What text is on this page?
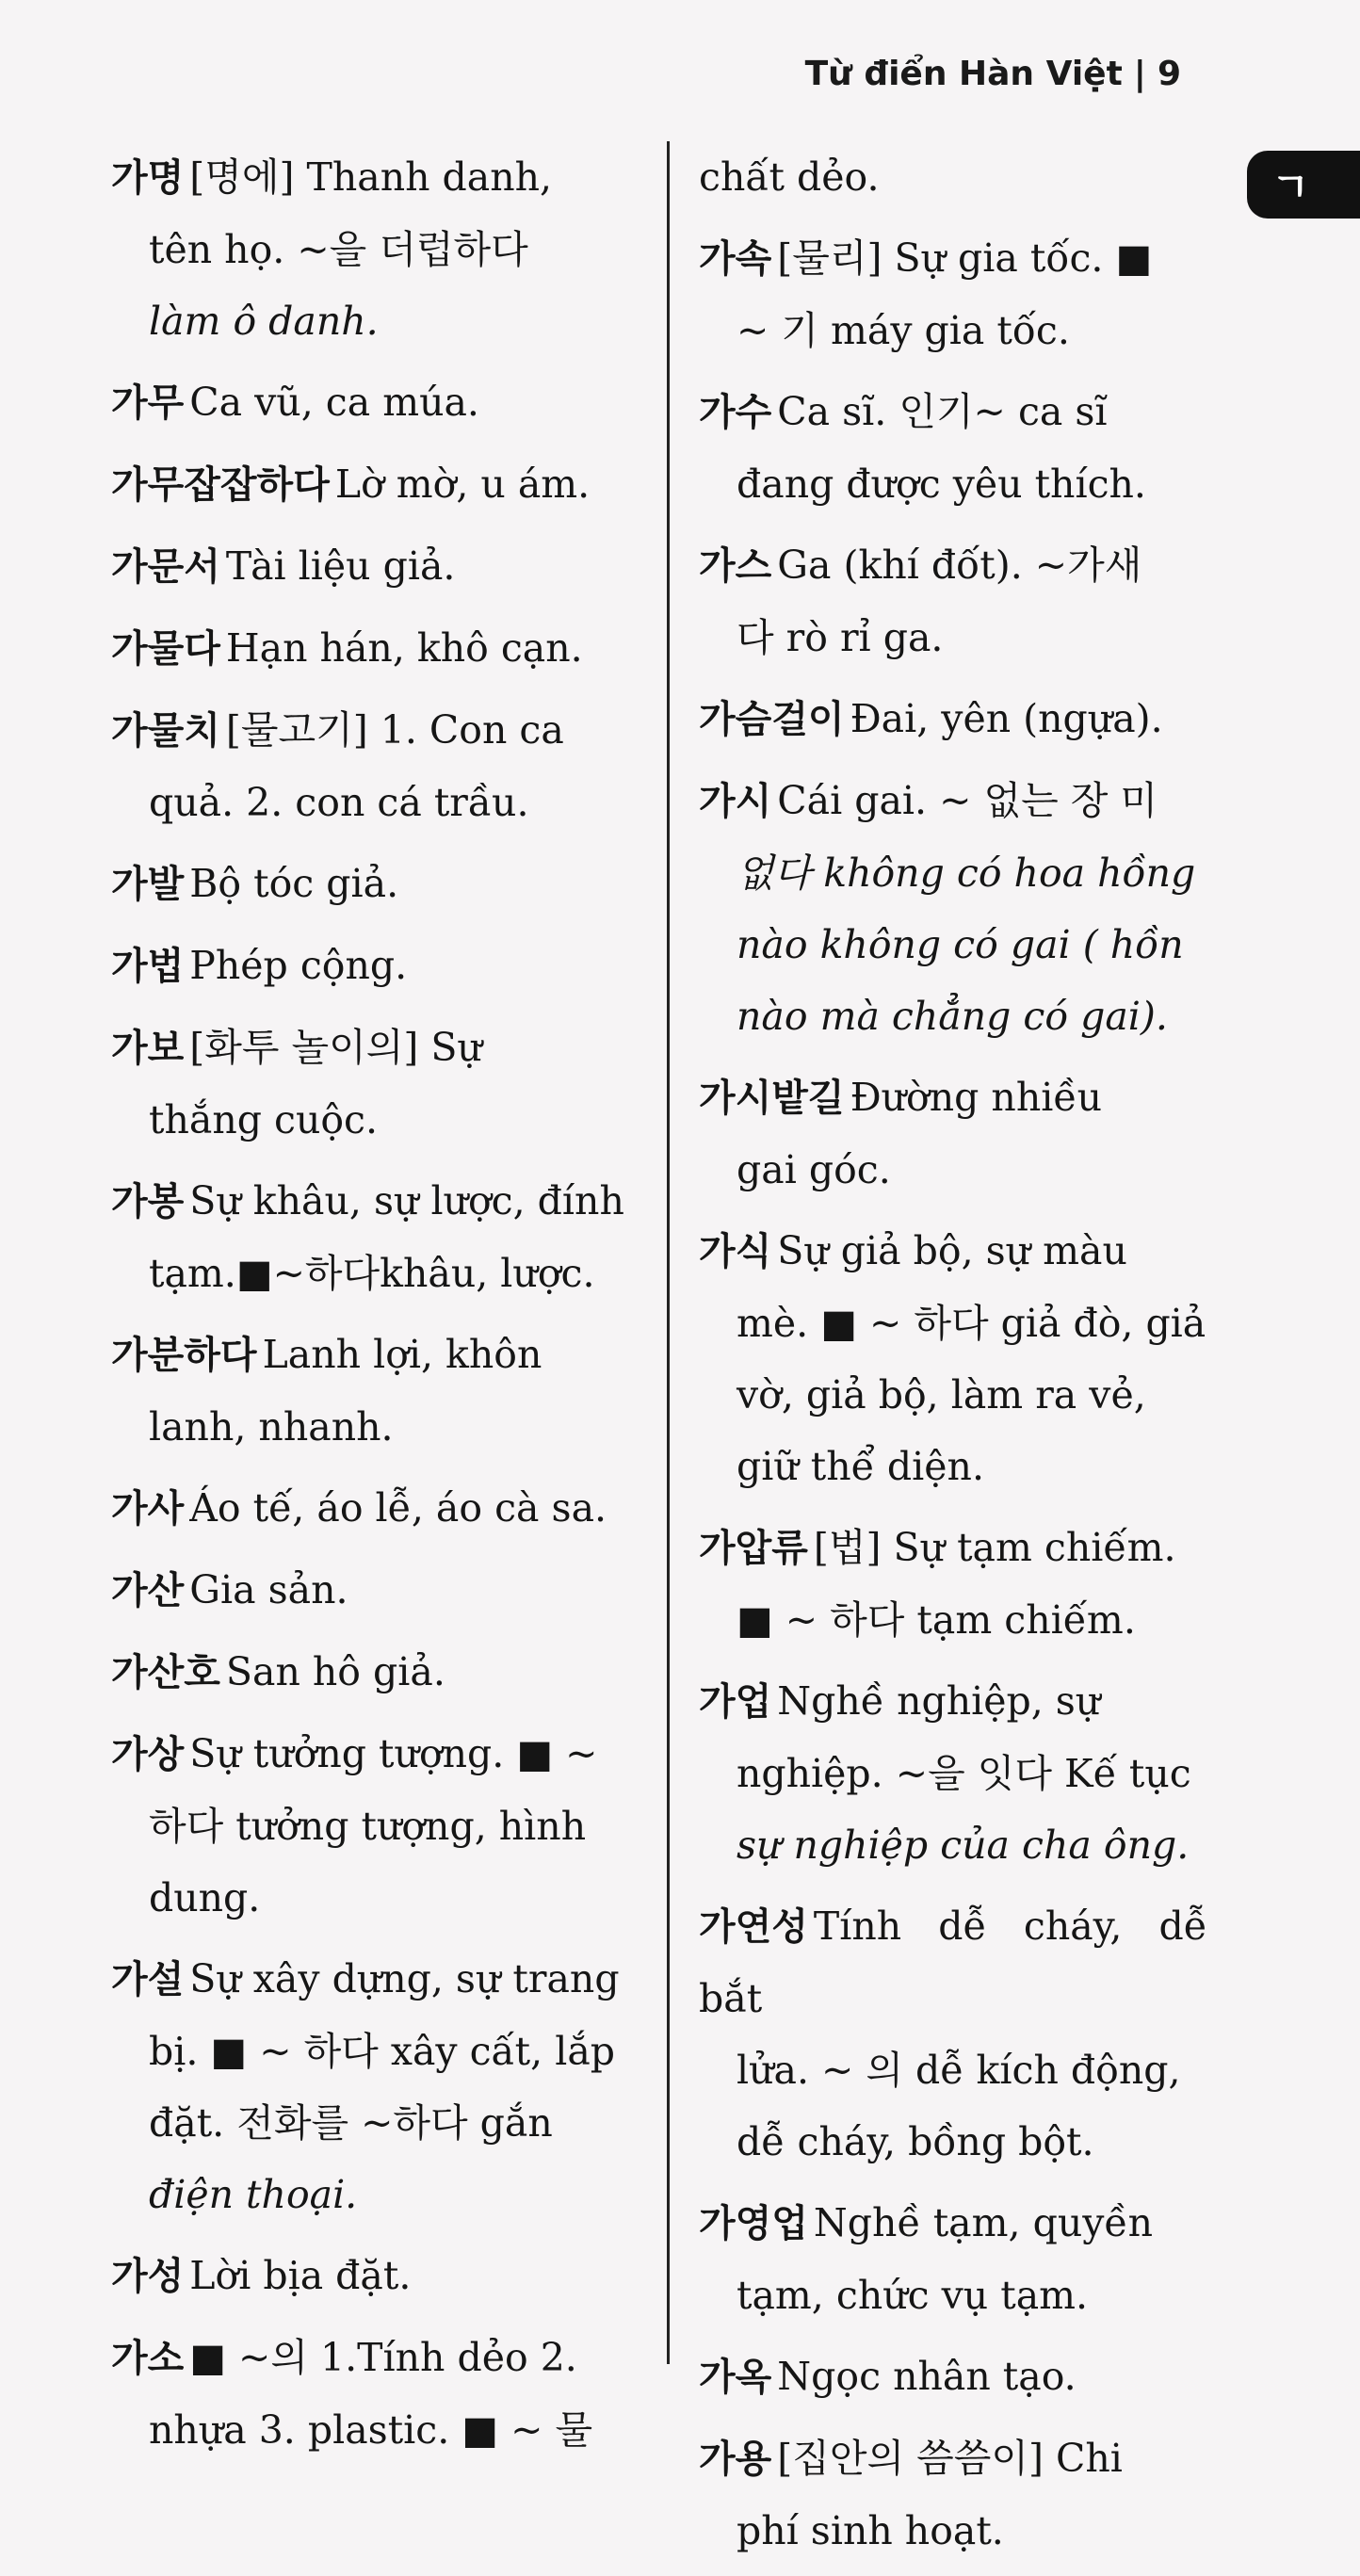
Từ điển Hàn Việt | 9
ㄱ

가명 [명에] Thanh danh,

tên họ. ~을 더럽하다

làm ô danh.

가무 Ca vũ, ca múa.

가무잡잡하다 Lờ mờ, u ám.

가문서 Tài liệu giả.

가물다 Hạn hán, khô cạn.

가물치 [물고기] 1. Con ca

quả. 2. con cá trầu.

가발 Bộ tóc giả.

가법 Phép cộng.

가보 [화투 놀이의] Sự

thắng cuộc.

가봉 Sự khâu, sự lược, đính

tạm.■~하다khâu, lược.

가분하다 Lanh lợi, khôn

lanh, nhanh.

가사 Áo tế, áo lễ, áo cà sa.

가산 Gia sản.

가산호 San hô giả.

가상 Sự tưởng tượng. ■ ~

하다 tưởng tượng, hình

dung.

가설 Sự xây dựng, sự trang

bị. ■ ~ 하다 xây cất, lắp

đặt. 전화를 ~하다 gắn

điện thoại.

가성 Lời bịa đặt.

가소 ■ ~의 1.Tính dẻo 2.

nhựa 3. plastic. ■ ~ 물

chất dẻo.

가속 [물리] Sự gia tốc. ■

~ 기 máy gia tốc.

가수 Ca sĩ. 인기~ ca sĩ

đang được yêu thích.

가스 Ga (khí đốt). ~가새

다 rò rỉ ga.

가슴걸이 Đai, yên (ngựa).

가시 Cái gai. ~ 없는 장 미

없다 không có hoa hồng

nào không có gai ( hồn

nào mà chẳng có gai).

가시밭길 Đường nhiều

gai góc.

가식 Sự giả bộ, sự màu

mè. ■ ~ 하다 giả đò, giả

vờ, giả bộ, làm ra vẻ,

giữ thể diện.

가압류 [법] Sự tạm chiếm.

■ ~ 하다 tạm chiếm.

가업 Nghề nghiệp, sự

nghiệp. ~을 잇다 Kế tục

sự nghiệp của cha ông.

가연성 Tính dễ cháy, dễ bắt

lửa. ~ 의 dễ kích động,

dễ cháy, bồng bột.

가영업 Nghề tạm, quyền

tạm, chức vụ tạm.

가옥 Ngọc nhân tạo.

가용 [집안의 씀씀이] Chi

phí sinh hoạt.
